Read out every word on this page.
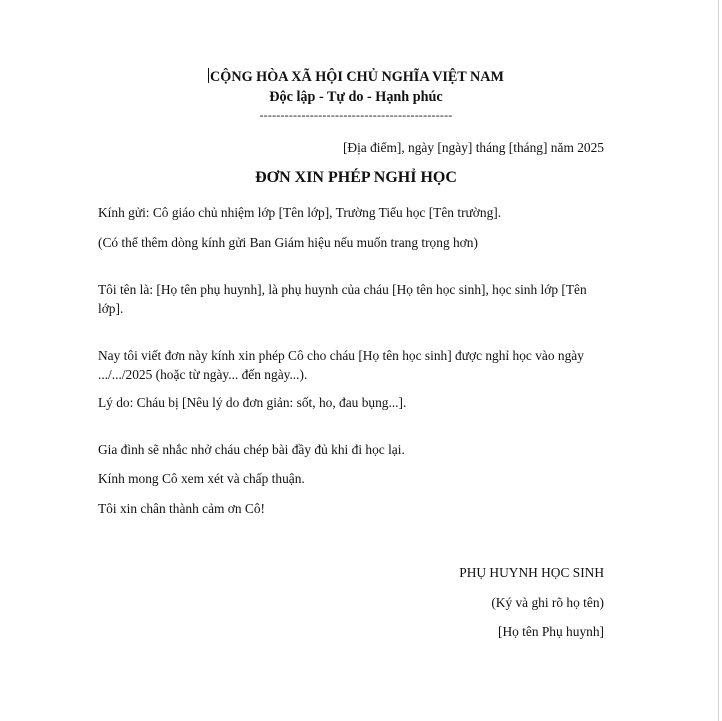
CỘNG HÒA XÃ HỘI CHỦ NGHĨA VIỆT NAM
Độc lập - Tự do - Hạnh phúc
----------------------------------------------
[Địa điểm], ngày [ngày] tháng [tháng] năm 2025
ĐƠN XIN PHÉP NGHỈ HỌC
Kính gửi: Cô giáo chủ nhiệm lớp [Tên lớp], Trường Tiểu học [Tên trường].
(Có thể thêm dòng kính gửi Ban Giám hiệu nếu muốn trang trọng hơn)
Tôi tên là: [Họ tên phụ huynh], là phụ huynh của cháu [Họ tên học sinh], học sinh lớp [Tên lớp].
Nay tôi viết đơn này kính xin phép Cô cho cháu [Họ tên học sinh] được nghỉ học vào ngày .../.../2025 (hoặc từ ngày... đến ngày...).
Lý do: Cháu bị [Nêu lý do đơn giản: sốt, ho, đau bụng...].
Gia đình sẽ nhắc nhở cháu chép bài đầy đủ khi đi học lại.
Kính mong Cô xem xét và chấp thuận.
Tôi xin chân thành cảm ơn Cô!
PHỤ HUYNH HỌC SINH
(Ký và ghi rõ họ tên)
[Họ tên Phụ huynh]
